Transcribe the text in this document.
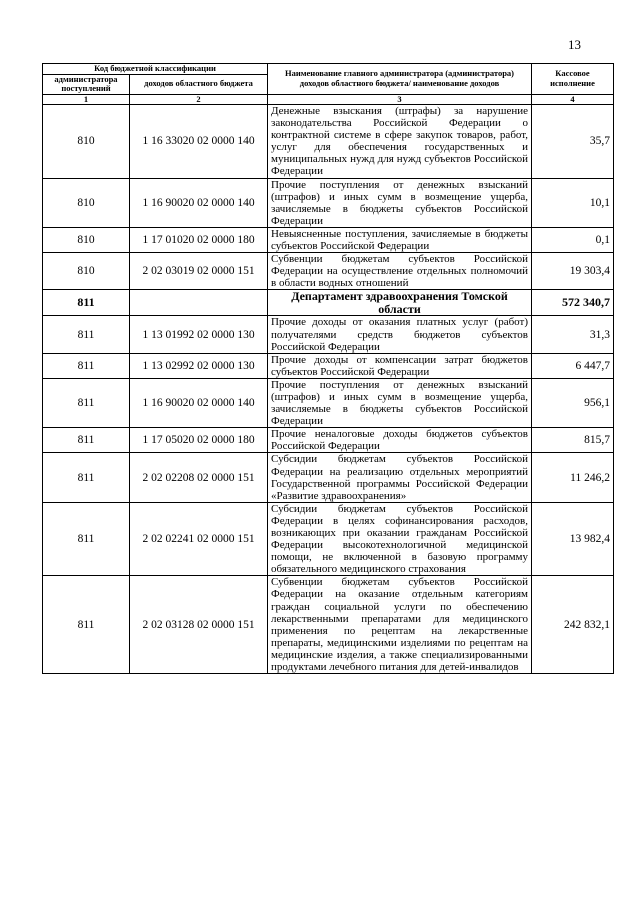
13
Код бюджетной классификации		Наименование главного администратора (администратора) доходов областного бюджета/ наименование доходов	Кассовое исполнение
администратора поступлений	доходов областного бюджета		
1	2	3	4
810	1 16 33020 02 0000 140	Денежные взыскания (штрафы) за нарушение законодательства Российской Федерации о контрактной системе в сфере закупок товаров, работ, услуг для обеспечения государственных и муниципальных нужд для нужд субъектов Российской Федерации	35,7
810	1 16 90020 02 0000 140	Прочие поступления от денежных взысканий (штрафов) и иных сумм в возмещение ущерба, зачисляемые в бюджеты субъектов Российской Федерации	10,1
810	1 17 01020 02 0000 180	Невыясненные поступления, зачисляемые в бюджеты субъектов Российской Федерации	0,1
810	2 02 03019 02 0000 151	Субвенции бюджетам субъектов Российской Федерации на осуществление отдельных полномочий в области водных отношений	19 303,4
811		Департамент здравоохранения Томской области	572 340,7
811	1 13 01992 02 0000 130	Прочие доходы от оказания платных услуг (работ) получателями средств бюджетов субъектов Российской Федерации	31,3
811	1 13 02992 02 0000 130	Прочие доходы от компенсации затрат бюджетов субъектов Российской Федерации	6 447,7
811	1 16 90020 02 0000 140	Прочие поступления от денежных взысканий (штрафов) и иных сумм в возмещение ущерба, зачисляемые в бюджеты субъектов Российской Федерации	956,1
811	1 17 05020 02 0000 180	Прочие неналоговые доходы бюджетов субъектов Российской Федерации	815,7
811	2 02 02208 02 0000 151	Субсидии бюджетам субъектов Российской Федерации на реализацию отдельных мероприятий Государственной программы Российской Федерации «Развитие здравоохранения»	11 246,2
811	2 02 02241 02 0000 151	Субсидии бюджетам субъектов Российской Федерации в целях софинансирования расходов, возникающих при оказании гражданам Российской Федерации высокотехнологичной медицинской помощи, не включенной в базовую программу обязательного медицинского страхования	13 982,4
811	2 02 03128 02 0000 151	Субвенции бюджетам субъектов Российской Федерации на оказание отдельным категориям граждан социальной услуги по обеспечению лекарственными препаратами для медицинского применения по рецептам на лекарственные препараты, медицинскими изделиями по рецептам на медицинские изделия, а также специализированными продуктами лечебного питания для детей-инвалидов	242 832,1
